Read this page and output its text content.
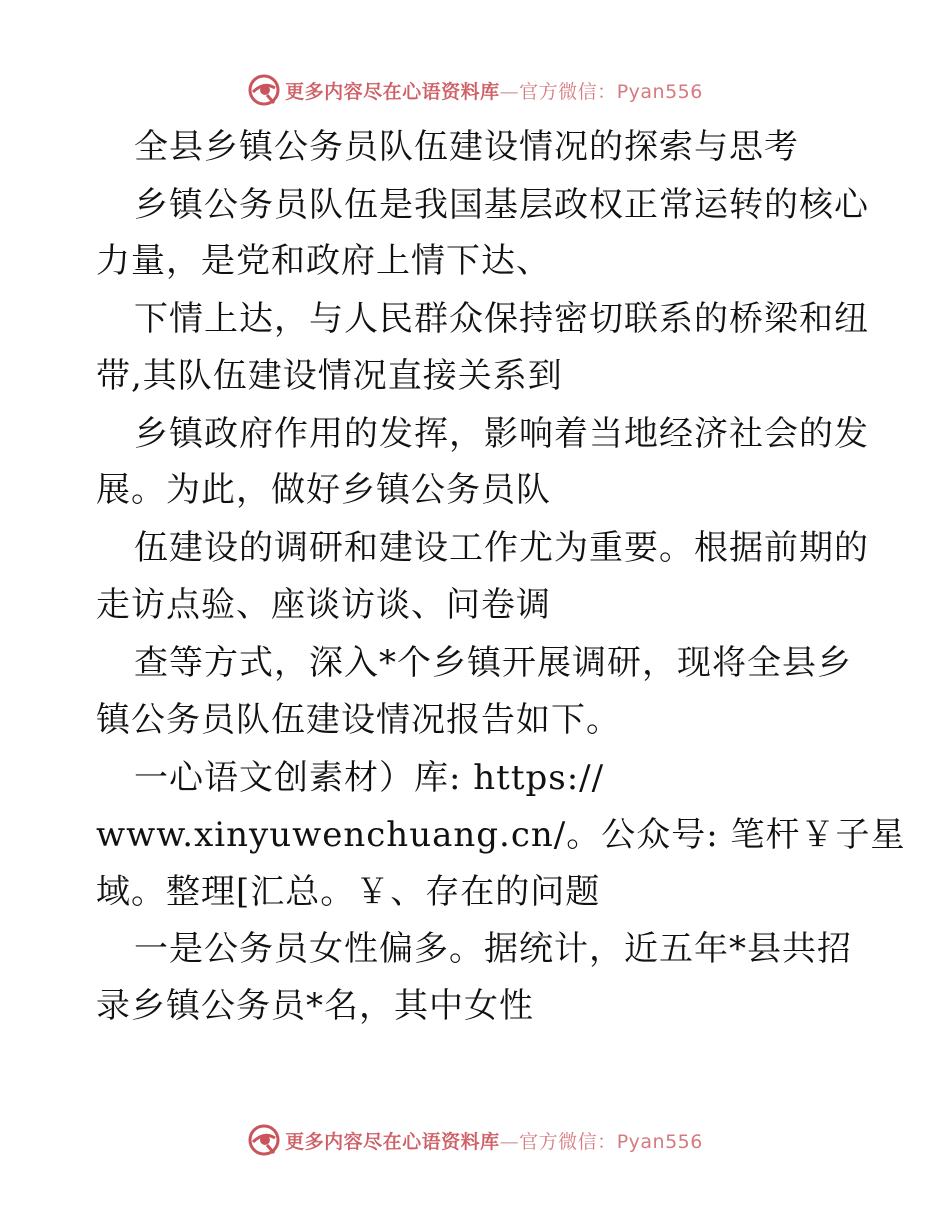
更多内容尽在心语资料库—官方微信：Pyan556

全县乡镇公务员队伍建设情况的探索与思考

乡镇公务员队伍是我国基层政权正常运转的核心

力量，是党和政府上情下达、

下情上达，与人民群众保持密切联系的桥梁和纽

带,其队伍建设情况直接关系到

乡镇政府作用的发挥，影响着当地经济社会的发

展。为此，做好乡镇公务员队

伍建设的调研和建设工作尤为重要。根据前期的

走访点验、座谈访谈、问卷调

查等方式，深入*个乡镇开展调研，现将全县乡

镇公务员队伍建设情况报告如下。

一心语文创素材）库: https://

www.xinyuwenchuang.cn/。公众号: 笔杆￥子星

域。整理[汇总。￥、存在的问题

一是公务员女性偏多。据统计，近五年*县共招

录乡镇公务员*名，其中女性

更多内容尽在心语资料库—官方微信：Pyan556
